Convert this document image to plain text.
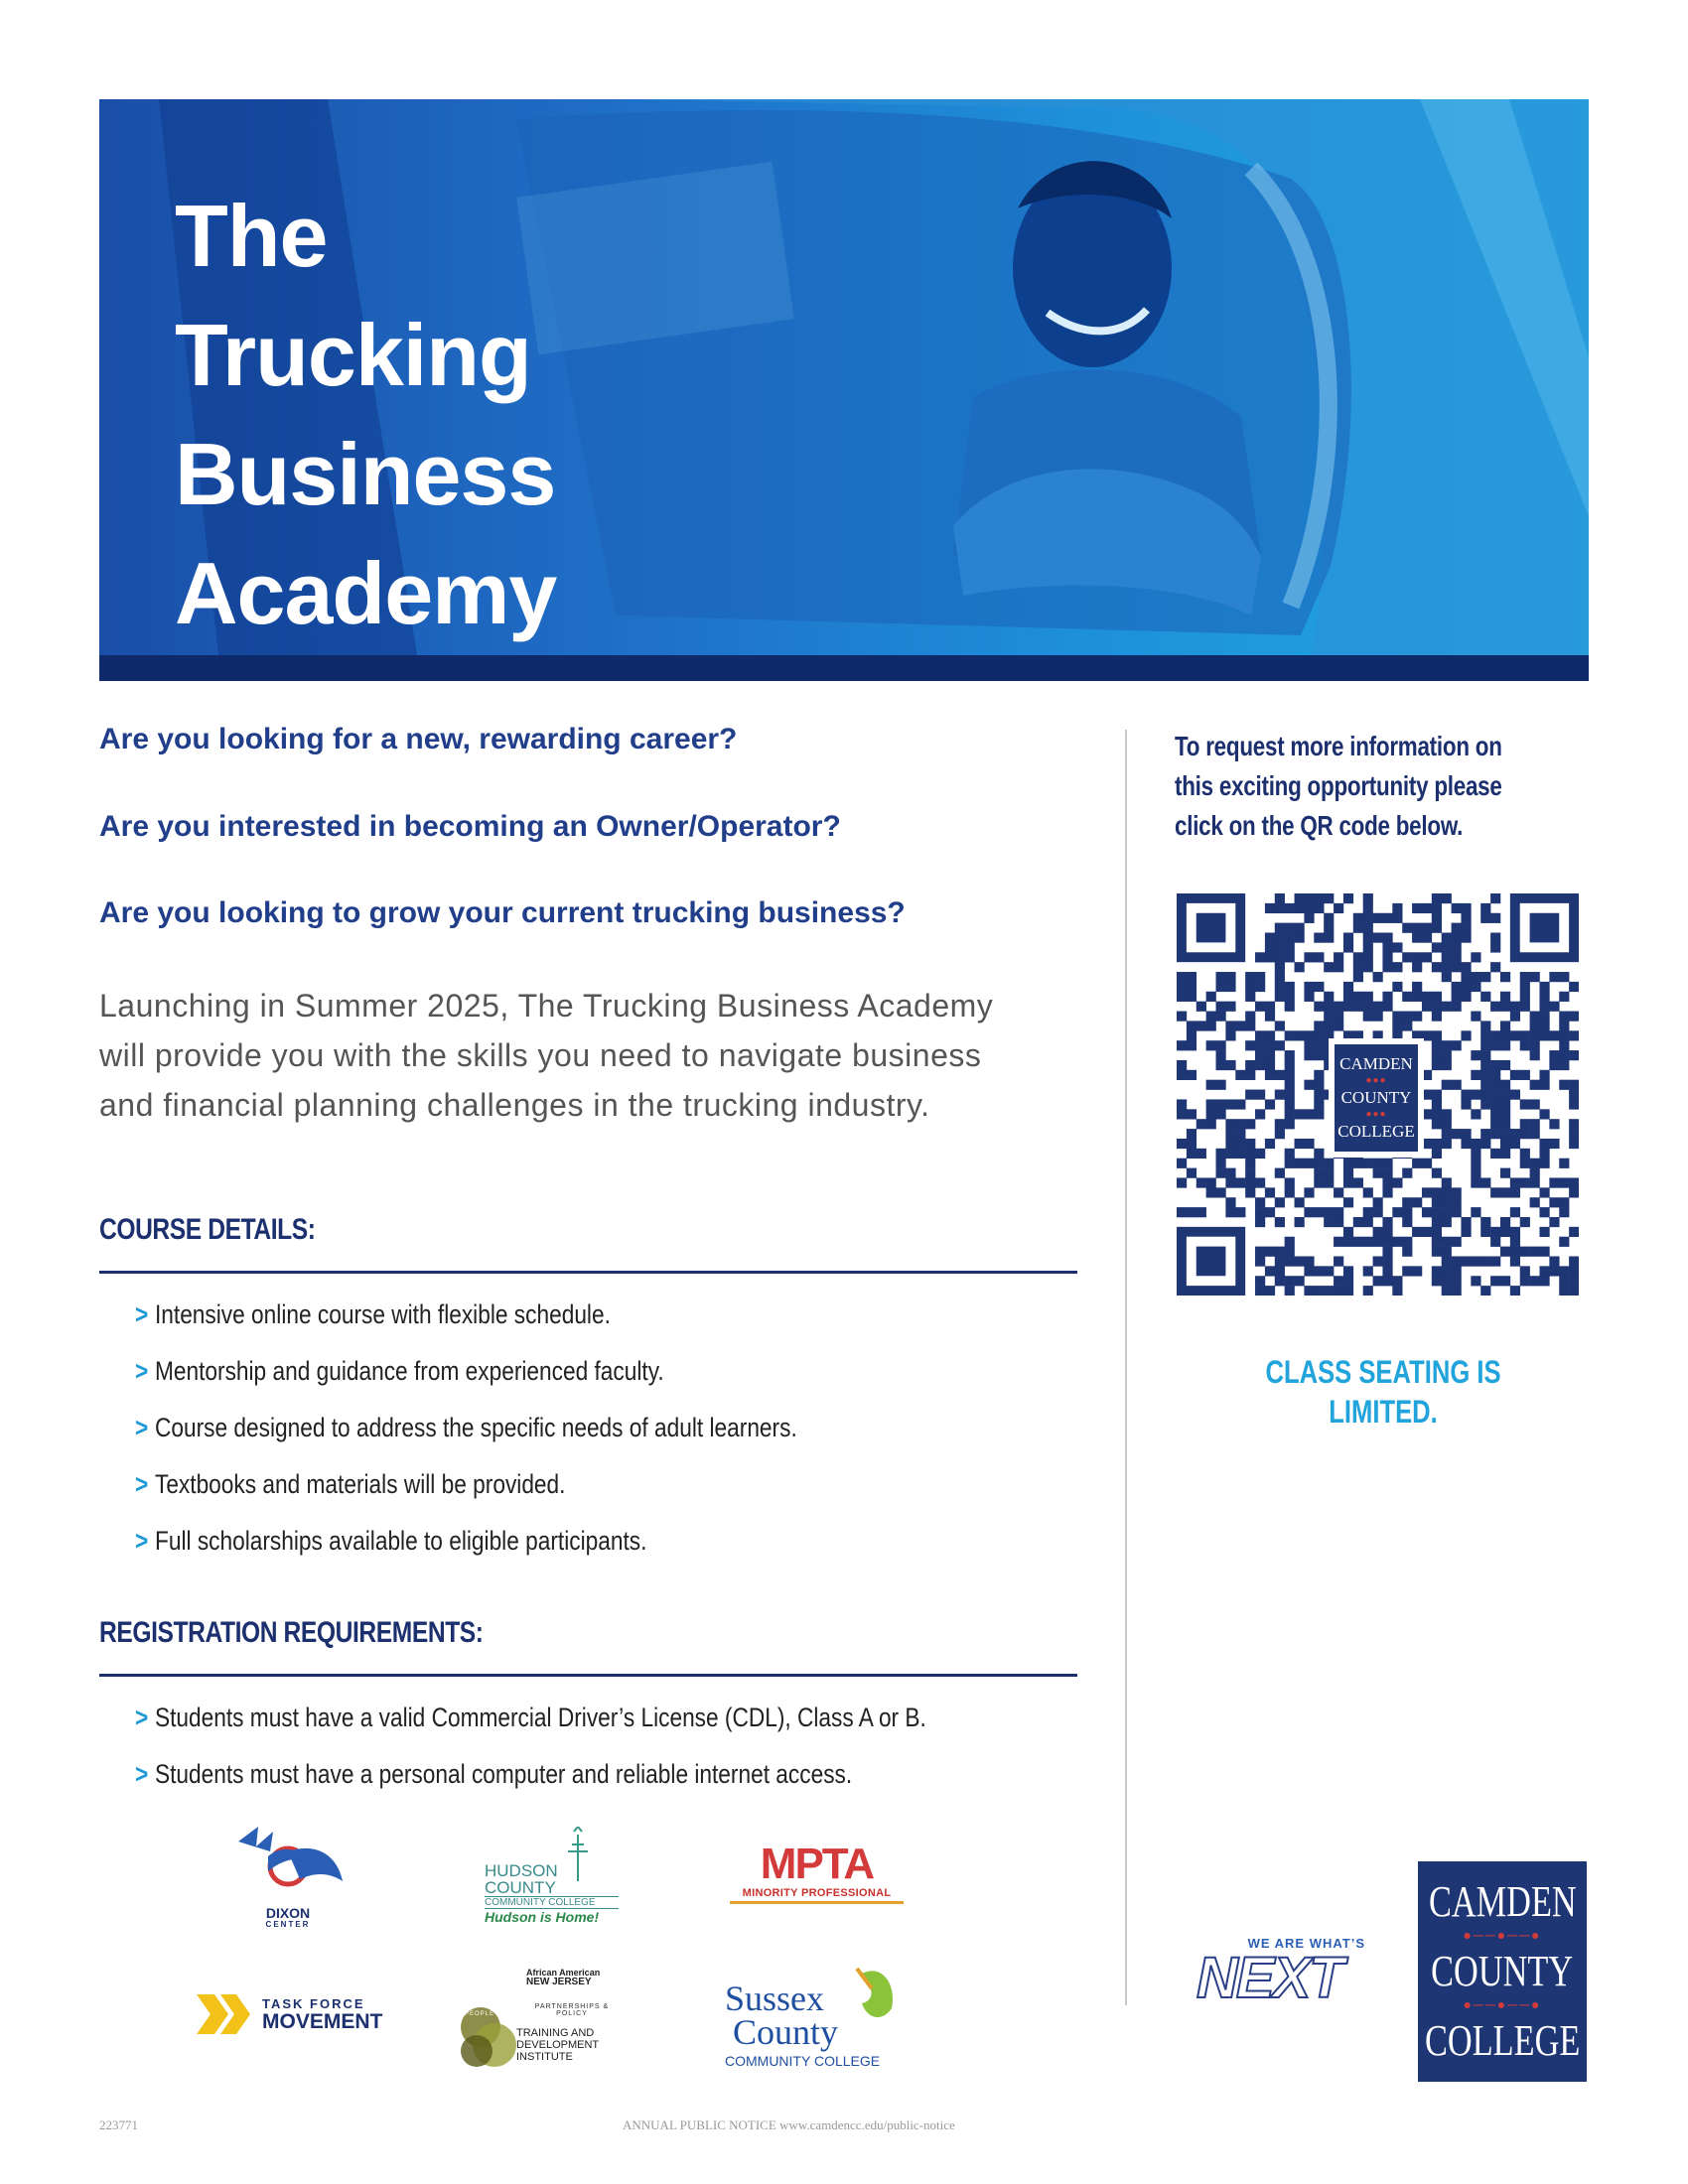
The
Trucking
Business
Academy

Are you looking for a new, rewarding career?

Are you interested in becoming an Owner/Operator?

Are you looking to grow your current trucking business?

Launching in Summer 2025, The Trucking Business Academy will provide you with the skills you need to navigate business and financial planning challenges in the trucking industry.

COURSE DETAILS:
> Intensive online course with flexible schedule.
> Mentorship and guidance from experienced faculty.
> Course designed to address the specific needs of adult learners.
> Textbooks and materials will be provided.
> Full scholarships available to eligible participants.
REGISTRATION REQUIREMENTS:
> Students must have a valid Commercial Driver’s License (CDL), Class A or B.
> Students must have a personal computer and reliable internet access.

DIXON

CENTER

HUDSON

COUNTY

COMMUNITY COLLEGE

Hudson is Home!

MPTA

MINORITY PROFESSIONAL

TASK FORCE

MOVEMENT

African American

NEW JERSEY

PARTNERSHIPS & POLICY

PEOPLE

TRAINING AND

DEVELOPMENT

INSTITUTE

Sussex

County

COMMUNITY COLLEGE

To request more information on this exciting opportunity please click on the QR code below.

CAMDEN
●●●
COUNTY
●●●
COLLEGE

CLASS SEATING IS LIMITED.

WE ARE WHAT’S

NEXT

CAMDEN
●──●──●
COUNTY
●──●──●
COLLEGE

223771	ANNUAL PUBLIC NOTICE www.camdencc.edu/public-notice
